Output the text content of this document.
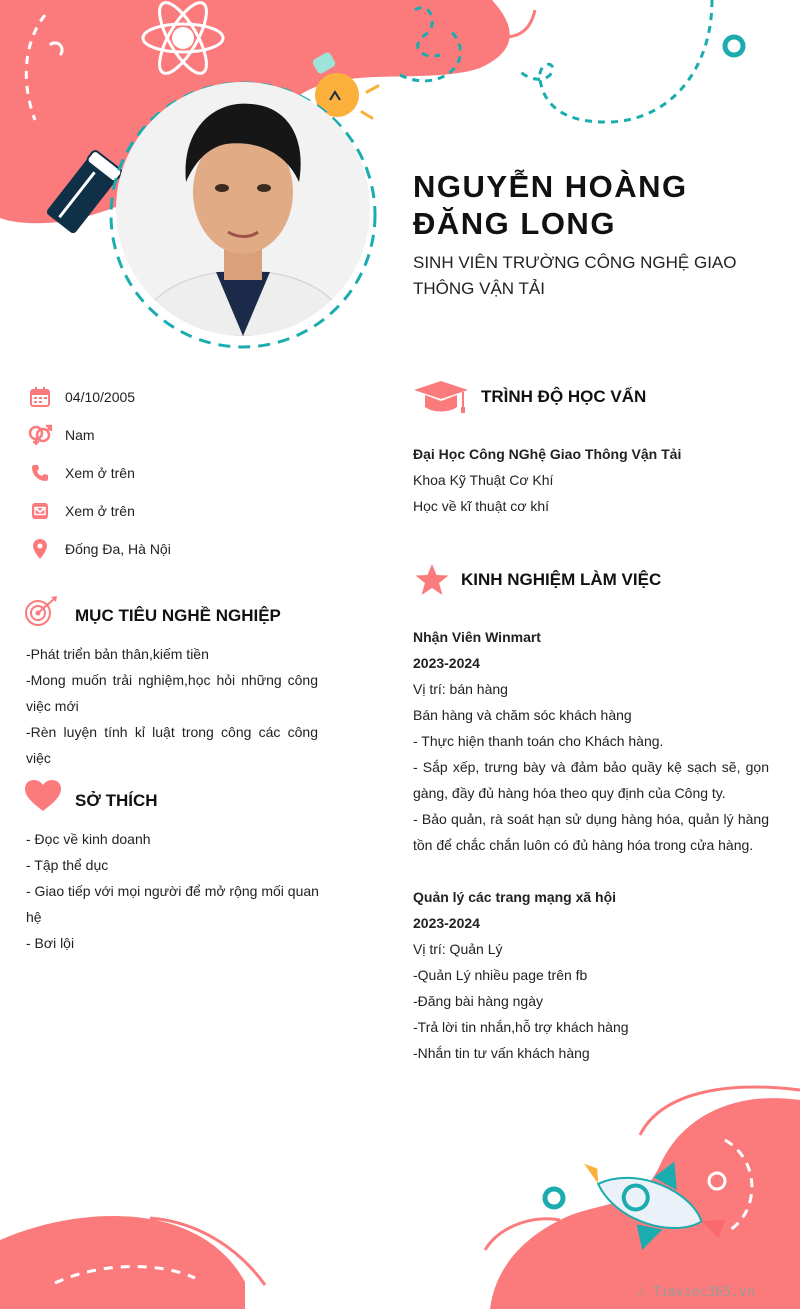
NGUYỄN HOÀNG
ĐĂNG LONG
SINH VIÊN TRƯỜNG CÔNG NGHỆ GIAO
THÔNG VẬN TẢI
04/10/2005
Nam
Xem ở trên
Xem ở trên
Đống Đa, Hà Nội
MỤC TIÊU NGHỀ NGHIỆP
-Phát triển bản thân,kiếm tiền
-Mong muốn trải nghiệm,học hỏi những công việc mới
-Rèn luyện tính kỉ luật trong công các công việc
SỞ THÍCH
- Đọc về kinh doanh
- Tập thể dục
- Giao tiếp với mọi người để mở rộng mối quan hệ
- Bơi lội
TRÌNH ĐỘ HỌC VẤN
Đại Học Công NGhệ Giao Thông Vận Tải
Khoa Kỹ Thuật Cơ Khí
Học về kĩ thuật cơ khí
KINH NGHIỆM LÀM VIỆC
Nhận Viên Winmart
2023-2024
Vị trí: bán hàng
Bán hàng và chăm sóc khách hàng
- Thực hiện thanh toán cho Khách hàng.
- Sắp xếp, trưng bày và đảm bảo quầy kệ sạch sẽ, gọn gàng, đầy đủ hàng hóa theo quy định của Công ty.
- Bảo quản, rà soát hạn sử dụng hàng hóa, quản lý hàng tồn để chắc chắn luôn có đủ hàng hóa trong cửa hàng.
Quản lý các trang mạng xã hội
2023-2024
Vị trí: Quản Lý
-Quản Lý nhiều page trên fb
-Đăng bài hàng ngày
-Trả lời tin nhắn,hỗ trợ khách hàng
-Nhắn tin tư vấn khách hàng
∴ Timviec365.vn
